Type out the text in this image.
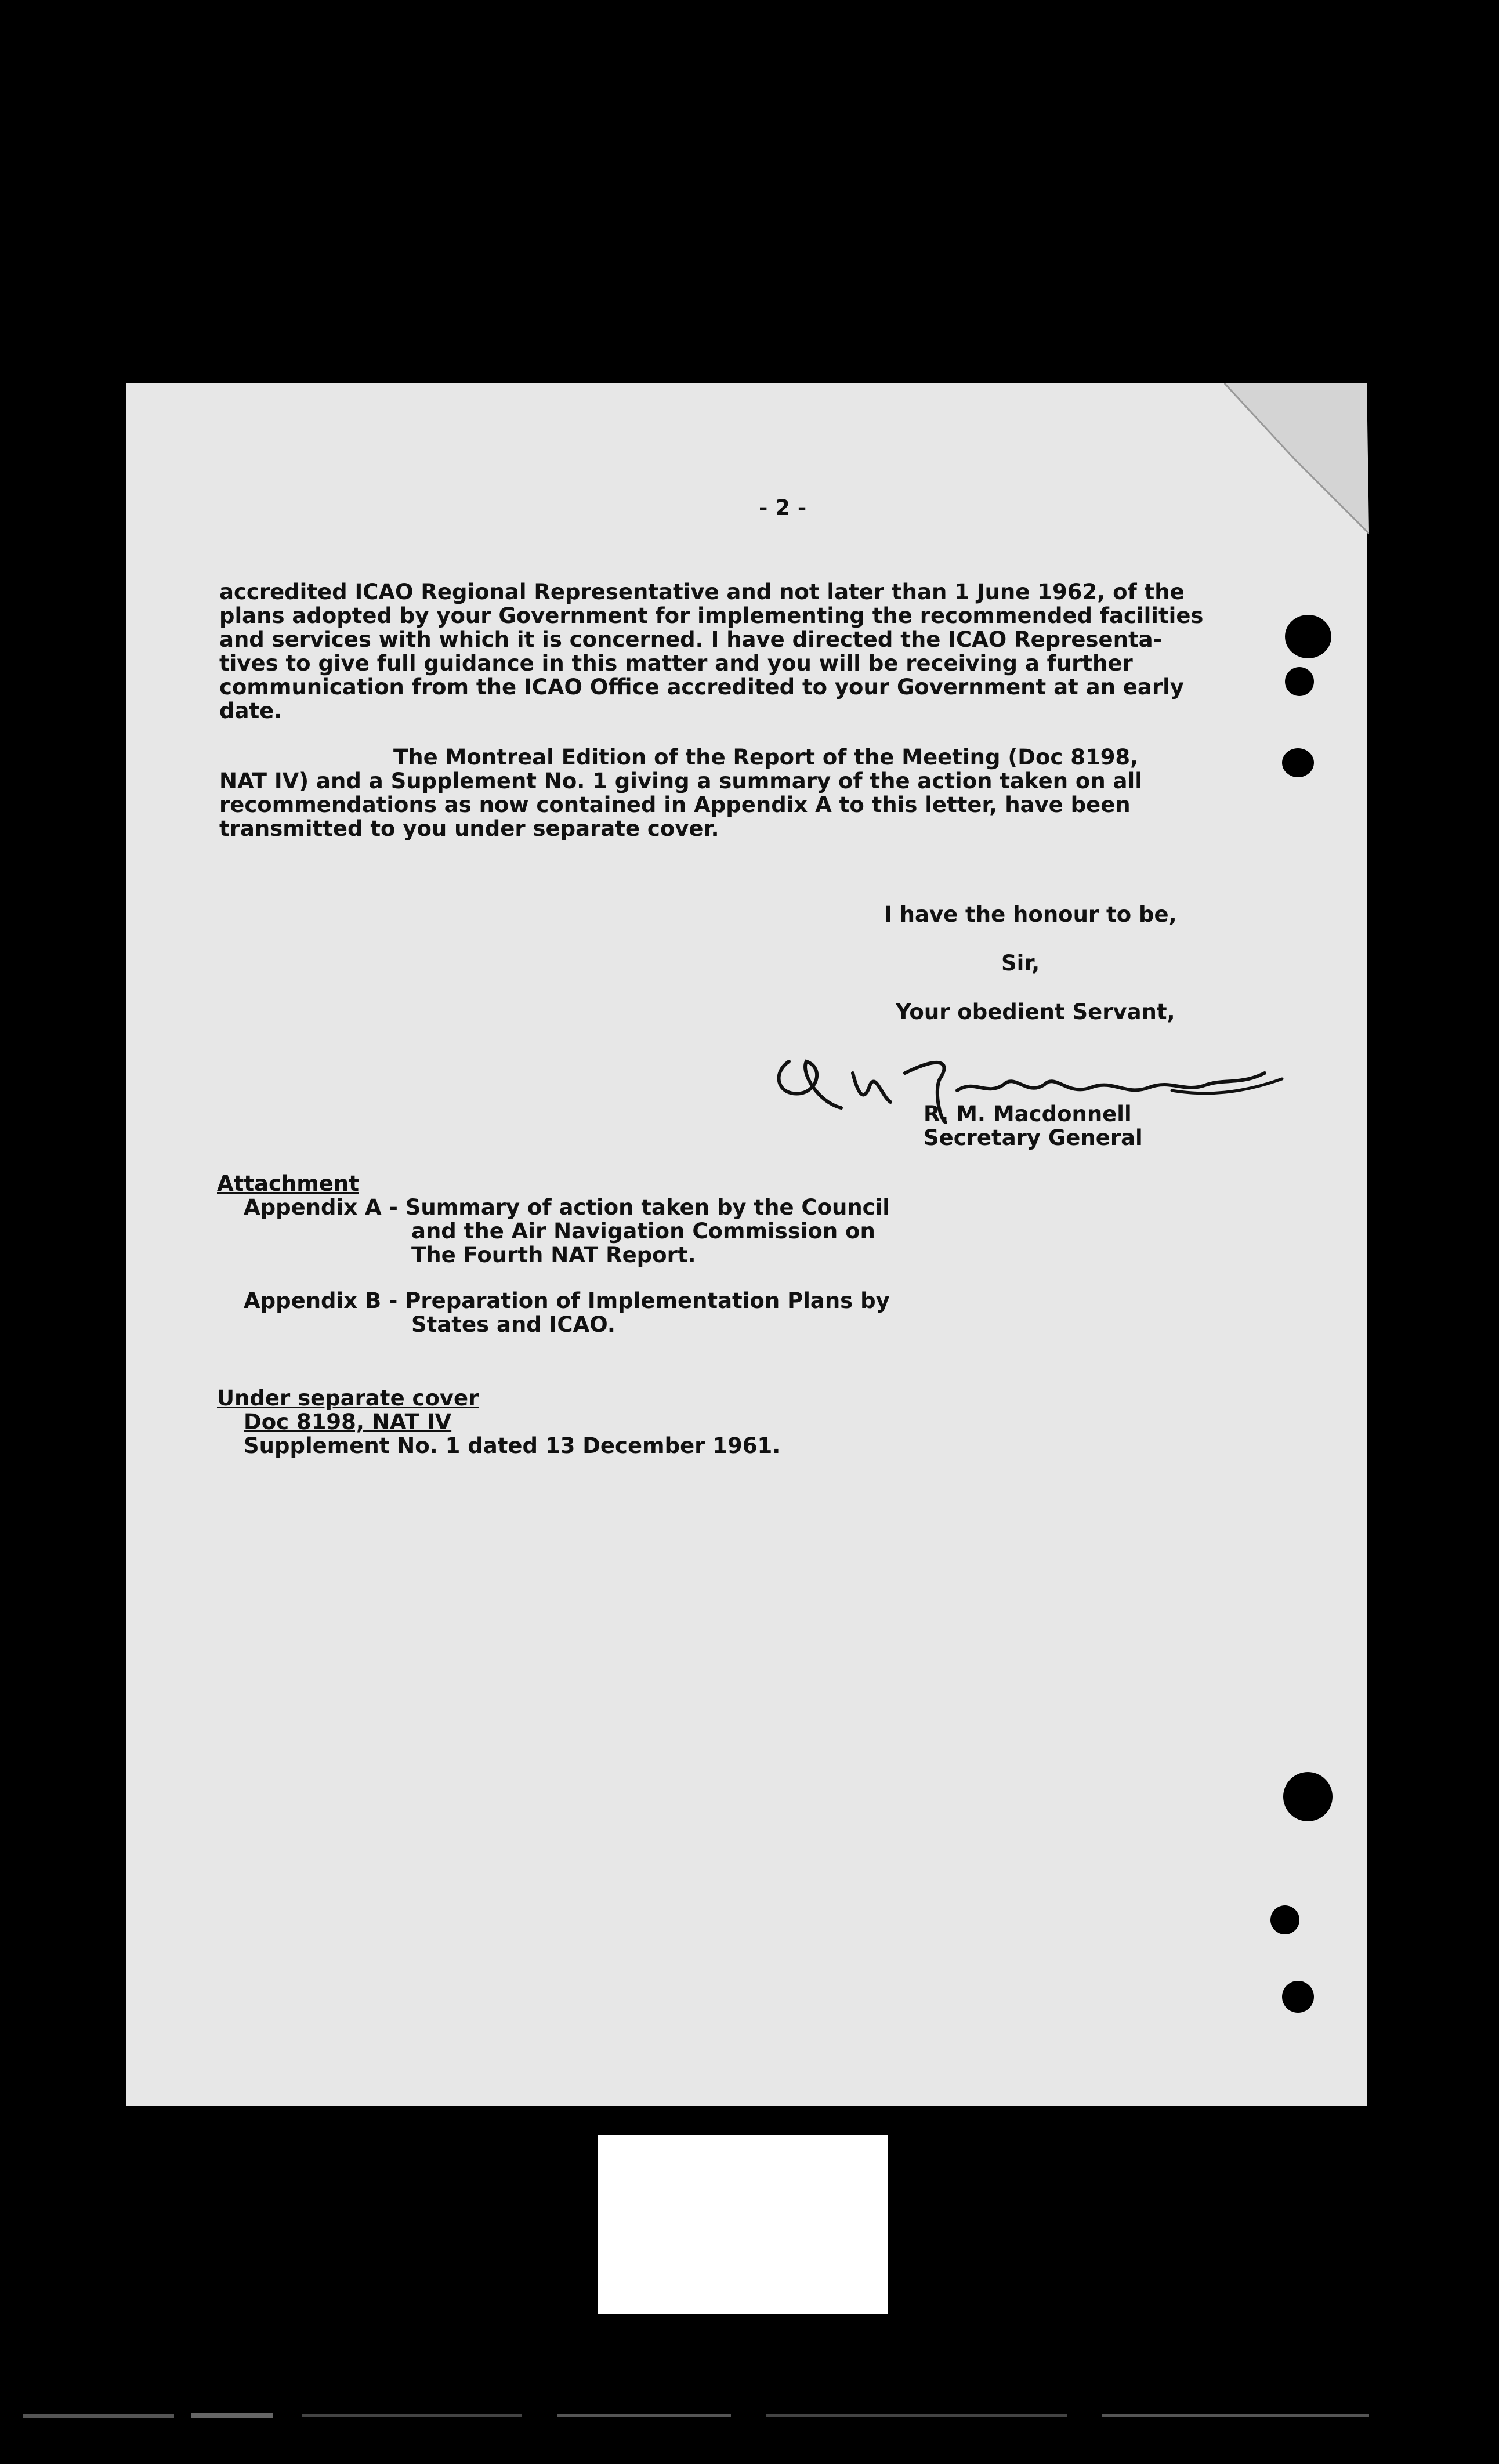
- 2 -
accredited ICAO Regional Representative and not later than 1 June 1962, of the
plans adopted by your Government for implementing the recommended facilities
and services with which it is concerned. I have directed the ICAO Representa-
tives to give full guidance in this matter and you will be receiving a further
communication from the ICAO Office accredited to your Government at an early
date.
The Montreal Edition of the Report of the Meeting (Doc 8198,
NAT IV) and a Supplement No. 1 giving a summary of the action taken on all
recommendations as now contained in Appendix A to this letter, have been
transmitted to you under separate cover.
I have the honour to be,
Sir,
Your obedient Servant,
R. M. Macdonnell
Secretary General
Attachment
Appendix A - Summary of action taken by the Council
and the Air Navigation Commission on
The Fourth NAT Report.
Appendix B - Preparation of Implementation Plans by
States and ICAO.
Under separate cover
Doc 8198, NAT IV
Supplement No. 1 dated 13 December 1961.
